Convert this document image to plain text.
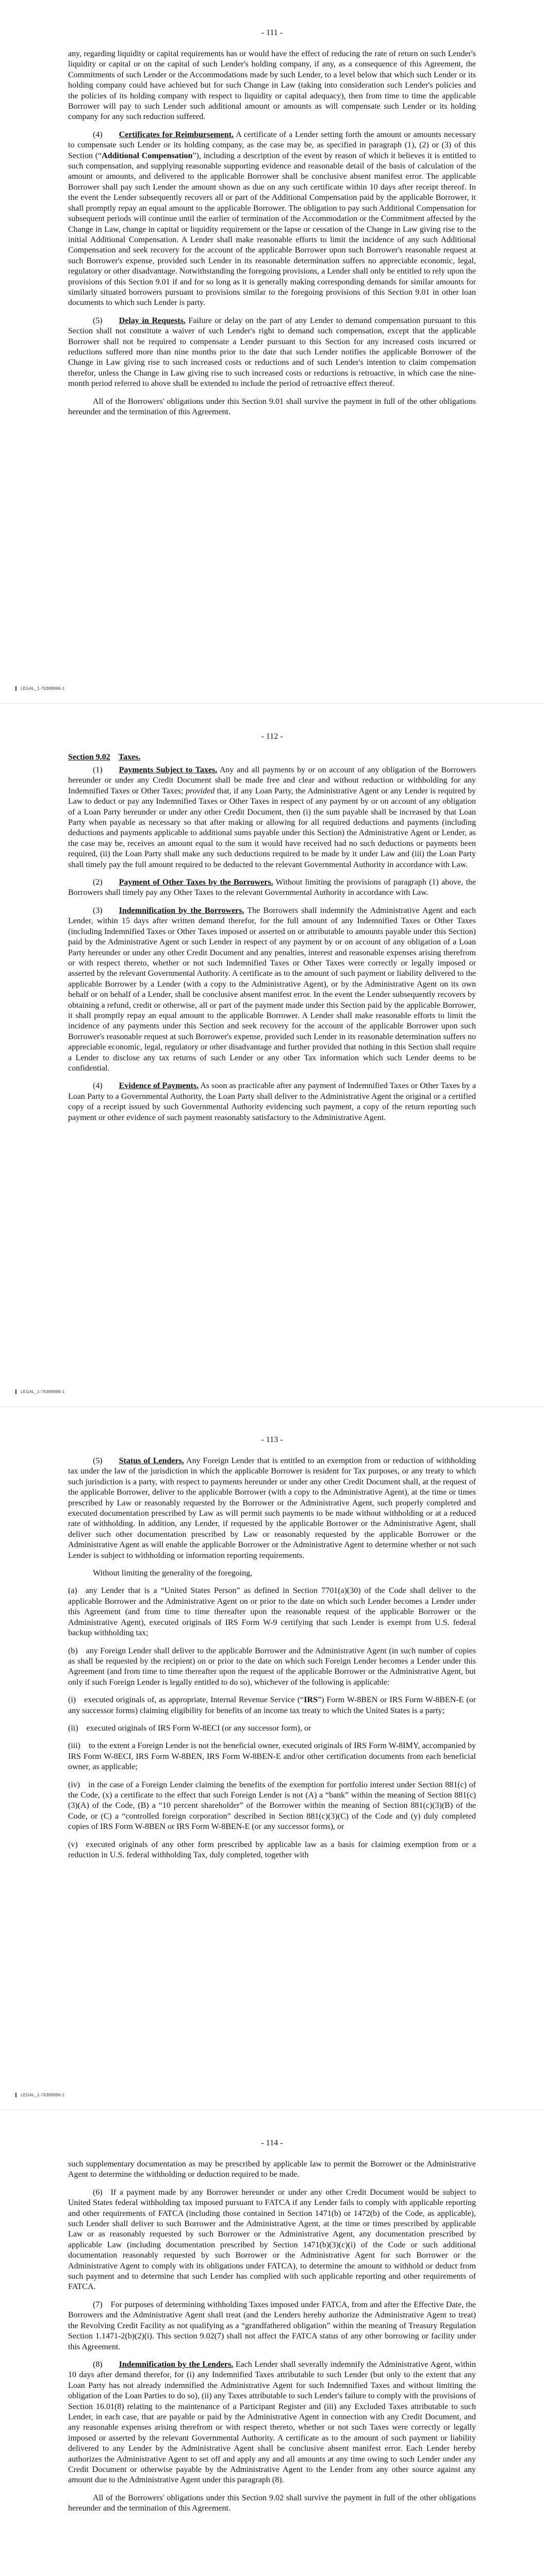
- 111 -

any, regarding liquidity or capital requirements has or would have the effect of reducing the rate of return on such Lender's liquidity or capital or on the capital of such Lender's holding company, if any, as a consequence of this Agreement, the Commitments of such Lender or the Accommodations made by such Lender, to a level below that which such Lender or its holding company could have achieved but for such Change in Law (taking into consideration such Lender's policies and the policies of its holding company with respect to liquidity or capital adequacy), then from time to time the applicable Borrower will pay to such Lender such additional amount or amounts as will compensate such Lender or its holding company for any such reduction suffered.

(4)   Certificates for Reimbursement. A certificate of a Lender setting forth the amount or amounts necessary to compensate such Lender or its holding company, as the case may be, as specified in paragraph (1), (2) or (3) of this Section (“Additional Compensation”), including a description of the event by reason of which it believes it is entitled to such compensation, and supplying reasonable supporting evidence and reasonable detail of the basis of calculation of the amount or amounts, and delivered to the applicable Borrower shall be conclusive absent manifest error. The applicable Borrower shall pay such Lender the amount shown as due on any such certificate within 10 days after receipt thereof. In the event the Lender subsequently recovers all or part of the Additional Compensation paid by the applicable Borrower, it shall promptly repay an equal amount to the applicable Borrower. The obligation to pay such Additional Compensation for subsequent periods will continue until the earlier of termination of the Accommodation or the Commitment affected by the Change in Law, change in capital or liquidity requirement or the lapse or cessation of the Change in Law giving rise to the initial Additional Compensation. A Lender shall make reasonable efforts to limit the incidence of any such Additional Compensation and seek recovery for the account of the applicable Borrower upon such Borrower's reasonable request at such Borrower's expense, provided such Lender in its reasonable determination suffers no appreciable economic, legal, regulatory or other disadvantage. Notwithstanding the foregoing provisions, a Lender shall only be entitled to rely upon the provisions of this Section 9.01 if and for so long as it is generally making corresponding demands for similar amounts for similarly situated borrowers pursuant to provisions similar to the foregoing provisions of this Section 9.01 in other loan documents to which such Lender is party.

(5)   Delay in Requests. Failure or delay on the part of any Lender to demand compensation pursuant to this Section shall not constitute a waiver of such Lender's right to demand such compensation, except that the applicable Borrower shall not be required to compensate a Lender pursuant to this Section for any increased costs incurred or reductions suffered more than nine months prior to the date that such Lender notifies the applicable Borrower of the Change in Law giving rise to such increased costs or reductions and of such Lender's intention to claim compensation therefor, unless the Change in Law giving rise to such increased costs or reductions is retroactive, in which case the nine-month period referred to above shall be extended to include the period of retroactive effect thereof.

All of the Borrowers' obligations under this Section 9.01 shall survive the payment in full of the other obligations hereunder and the termination of this Agreement.

LEGAL_1-76389996-1
- 112 -
Section 9.02  Taxes.

(1)   Payments Subject to Taxes. Any and all payments by or on account of any obligation of the Borrowers hereunder or under any Credit Document shall be made free and clear and without reduction or withholding for any Indemnified Taxes or Other Taxes; provided that, if any Loan Party, the Administrative Agent or any Lender is required by Law to deduct or pay any Indemnified Taxes or Other Taxes in respect of any payment by or on account of any obligation of a Loan Party hereunder or under any other Credit Document, then (i) the sum payable shall be increased by that Loan Party when payable as necessary so that after making or allowing for all required deductions and payments (including deductions and payments applicable to additional sums payable under this Section) the Administrative Agent or Lender, as the case may be, receives an amount equal to the sum it would have received had no such deductions or payments been required, (ii) the Loan Party shall make any such deductions required to be made by it under Law and (iii) the Loan Party shall timely pay the full amount required to be deducted to the relevant Governmental Authority in accordance with Law.

(2)   Payment of Other Taxes by the Borrowers. Without limiting the provisions of paragraph (1) above, the Borrowers shall timely pay any Other Taxes to the relevant Governmental Authority in accordance with Law.

(3)   Indemnification by the Borrowers. The Borrowers shall indemnify the Administrative Agent and each Lender, within 15 days after written demand therefor, for the full amount of any Indemnified Taxes or Other Taxes (including Indemnified Taxes or Other Taxes imposed or asserted on or attributable to amounts payable under this Section) paid by the Administrative Agent or such Lender in respect of any payment by or on account of any obligation of a Loan Party hereunder or under any other Credit Document and any penalties, interest and reasonable expenses arising therefrom or with respect thereto, whether or not such Indemnified Taxes or Other Taxes were correctly or legally imposed or asserted by the relevant Governmental Authority. A certificate as to the amount of such payment or liability delivered to the applicable Borrower by a Lender (with a copy to the Administrative Agent), or by the Administrative Agent on its own behalf or on behalf of a Lender, shall be conclusive absent manifest error. In the event the Lender subsequently recovers by obtaining a refund, credit or otherwise, all or part of the payment made under this Section paid by the applicable Borrower, it shall promptly repay an equal amount to the applicable Borrower. A Lender shall make reasonable efforts to limit the incidence of any payments under this Section and seek recovery for the account of the applicable Borrower upon such Borrower's reasonable request at such Borrower's expense, provided such Lender in its reasonable determination suffers no appreciable economic, legal, regulatory or other disadvantage and further provided that nothing in this Section shall require a Lender to disclose any tax returns of such Lender or any other Tax information which such Lender deems to be confidential.

(4)   Evidence of Payments. As soon as practicable after any payment of Indemnified Taxes or Other Taxes by a Loan Party to a Governmental Authority, the Loan Party shall deliver to the Administrative Agent the original or a certified copy of a receipt issued by such Governmental Authority evidencing such payment, a copy of the return reporting such payment or other evidence of such payment reasonably satisfactory to the Administrative Agent.

LEGAL_1-76389996-1
- 113 -

(5)   Status of Lenders. Any Foreign Lender that is entitled to an exemption from or reduction of withholding tax under the law of the jurisdiction in which the applicable Borrower is resident for Tax purposes, or any treaty to which such jurisdiction is a party, with respect to payments hereunder or under any other Credit Document shall, at the request of the applicable Borrower, deliver to the applicable Borrower (with a copy to the Administrative Agent), at the time or times prescribed by Law or reasonably requested by the Borrower or the Administrative Agent, such properly completed and executed documentation prescribed by Law as will permit such payments to be made without withholding or at a reduced rate of withholding. In addition, any Lender, if requested by the applicable Borrower or the Administrative Agent, shall deliver such other documentation prescribed by Law or reasonably requested by the applicable Borrower or the Administrative Agent as will enable the applicable Borrower or the Administrative Agent to determine whether or not such Lender is subject to withholding or information reporting requirements.

Without limiting the generality of the foregoing,

(a) any Lender that is a “United States Person” as defined in Section 7701(a)(30) of the Code shall deliver to the applicable Borrower and the Administrative Agent on or prior to the date on which such Lender becomes a Lender under this Agreement (and from time to time thereafter upon the reasonable request of the applicable Borrower or the Administrative Agent), executed originals of IRS Form W-9 certifying that such Lender is exempt from U.S. federal backup withholding tax;

(b) any Foreign Lender shall deliver to the applicable Borrower and the Administrative Agent (in such number of copies as shall be requested by the recipient) on or prior to the date on which such Foreign Lender becomes a Lender under this Agreement (and from time to time thereafter upon the request of the applicable Borrower or the Administrative Agent, but only if such Foreign Lender is legally entitled to do so), whichever of the following is applicable:

(i) executed originals of, as appropriate, Internal Revenue Service (“IRS”) Form W-8BEN or IRS Form W-8BEN-E (or any successor forms) claiming eligibility for benefits of an income tax treaty to which the United States is a party;

(ii) executed originals of IRS Form W-8ECI (or any successor form), or

(iii) to the extent a Foreign Lender is not the beneficial owner, executed originals of IRS Form W-8IMY, accompanied by IRS Form W-8ECI, IRS Form W-8BEN, IRS Form W-8BEN-E and/or other certification documents from each beneficial owner, as applicable;

(iv) in the case of a Foreign Lender claiming the benefits of the exemption for portfolio interest under Section 881(c) of the Code, (x) a certificate to the effect that such Foreign Lender is not (A) a “bank” within the meaning of Section 881(c)(3)(A) of the Code, (B) a “10 percent shareholder” of the Borrower within the meaning of Section 881(c)(3)(B) of the Code, or (C) a “controlled foreign corporation” described in Section 881(c)(3)(C) of the Code and (y) duly completed copies of IRS Form W-8BEN or IRS Form W-8BEN-E (or any successor forms), or

(v) executed originals of any other form prescribed by applicable law as a basis for claiming exemption from or a reduction in U.S. federal withholding Tax, duly completed, together with

LEGAL_1-76389996-1
- 114 -

such supplementary documentation as may be prescribed by applicable law to permit the Borrower or the Administrative Agent to determine the withholding or deduction required to be made.

(6) If a payment made by any Borrower hereunder or under any other Credit Document would be subject to United States federal withholding tax imposed pursuant to FATCA if any Lender fails to comply with applicable reporting and other requirements of FATCA (including those contained in Section 1471(b) or 1472(b) of the Code, as applicable), such Lender shall deliver to such Borrower and the Administrative Agent, at the time or times prescribed by applicable Law or as reasonably requested by such Borrower or the Administrative Agent, any documentation prescribed by applicable Law (including documentation prescribed by Section 1471(b)(3)(c)(i) of the Code or such additional documentation reasonably requested by such Borrower or the Administrative Agent for such Borrower or the Administrative Agent to comply with its obligations under FATCA), to determine the amount to withhold or deduct from such payment and to determine that such Lender has complied with such applicable reporting and other requirements of FATCA.

(7) For purposes of determining withholding Taxes imposed under FATCA, from and after the Effective Date, the Borrowers and the Administrative Agent shall treat (and the Lenders hereby authorize the Administrative Agent to treat) the Revolving Credit Facility as not qualifying as a “grandfathered obligation” within the meaning of Treasury Regulation Section 1.1471-2(b)(2)(i). This section 9.02(7) shall not affect the FATCA status of any other borrowing or facility under this Agreement.

(8)   Indemnification by the Lenders. Each Lender shall severally indemnify the Administrative Agent, within 10 days after demand therefor, for (i) any Indemnified Taxes attributable to such Lender (but only to the extent that any Loan Party has not already indemnified the Administrative Agent for such Indemnified Taxes and without limiting the obligation of the Loan Parties to do so), (ii) any Taxes attributable to such Lender's failure to comply with the provisions of Section 16.01(8) relating to the maintenance of a Participant Register and (iii) any Excluded Taxes attributable to such Lender, in each case, that are payable or paid by the Administrative Agent in connection with any Credit Document, and any reasonable expenses arising therefrom or with respect thereto, whether or not such Taxes were correctly or legally imposed or asserted by the relevant Governmental Authority. A certificate as to the amount of such payment or liability delivered to any Lender by the Administrative Agent shall be conclusive absent manifest error. Each Lender hereby authorizes the Administrative Agent to set off and apply any and all amounts at any time owing to such Lender under any Credit Document or otherwise payable by the Administrative Agent to the Lender from any other source against any amount due to the Administrative Agent under this paragraph (8).

All of the Borrowers' obligations under this Section 9.02 shall survive the payment in full of the other obligations hereunder and the termination of this Agreement.
